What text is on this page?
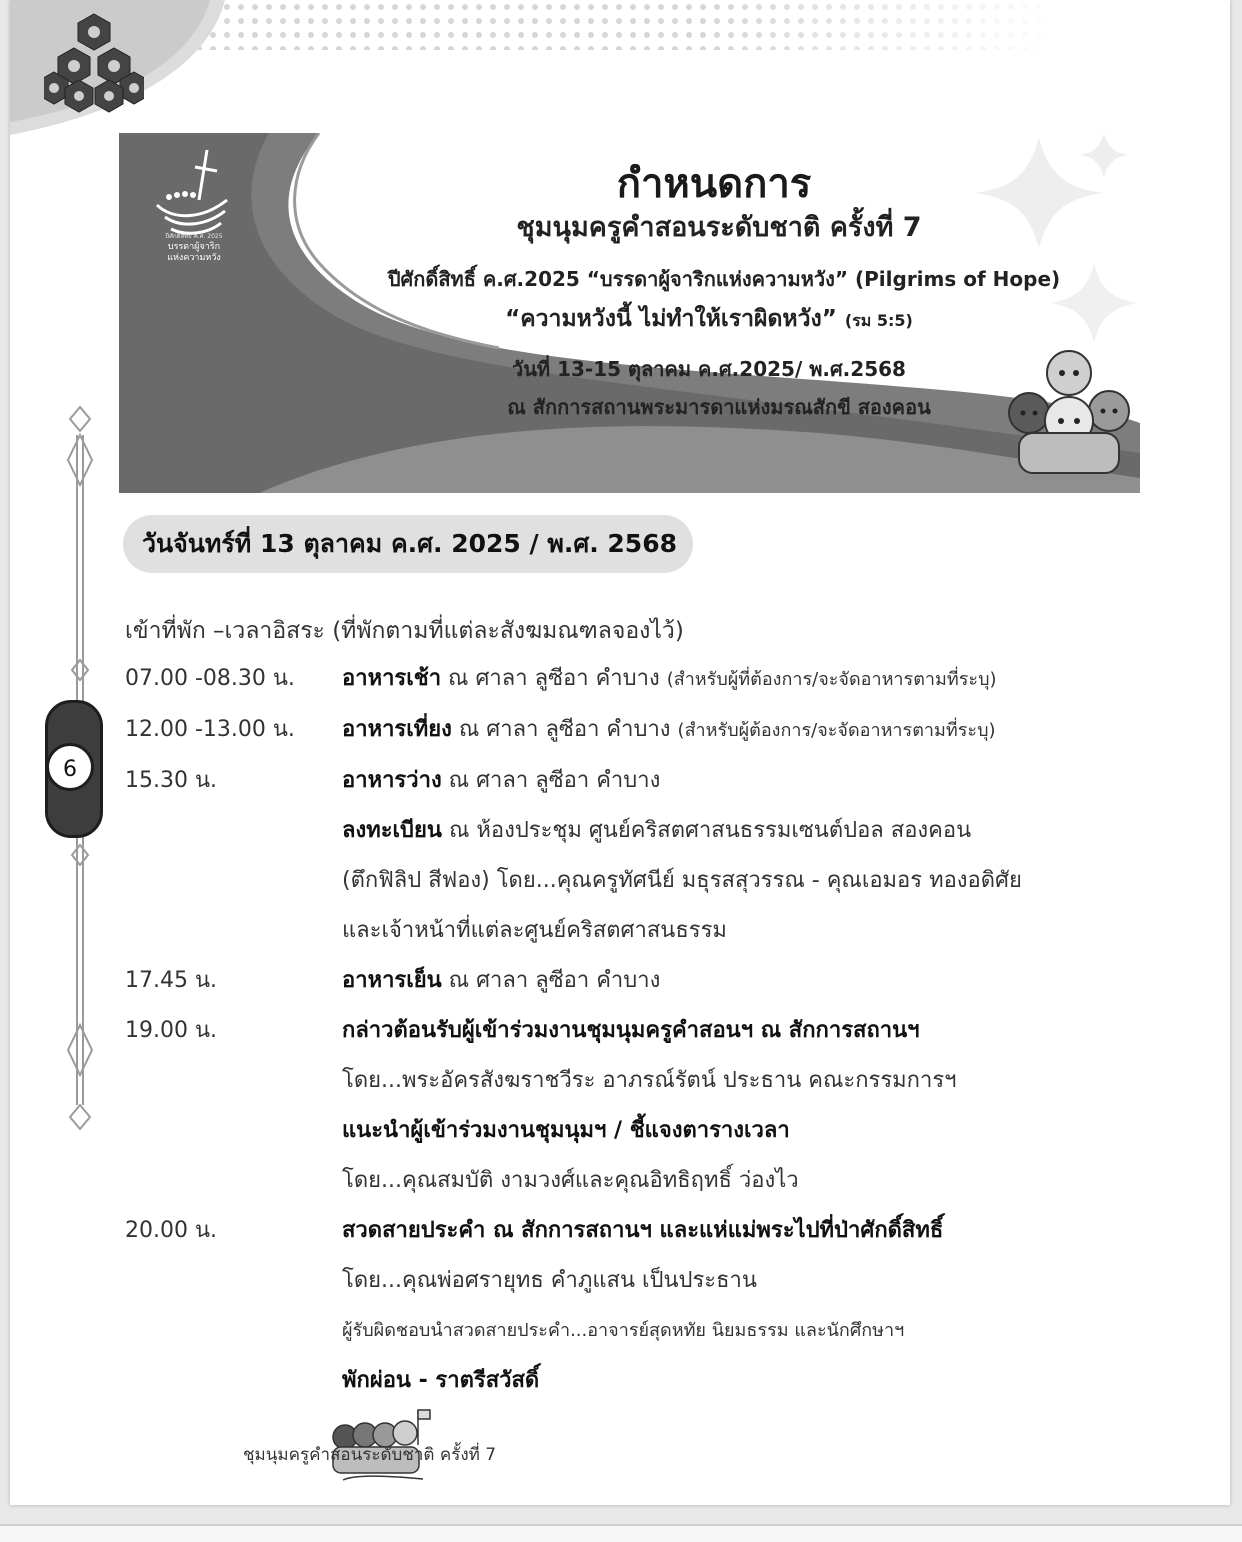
ปีศักดิ์สิทธิ์ ค.ศ. 2025
บรรดาผู้จาริก
แห่งความหวัง
กำหนดการ
ชุมนุมครูคำสอนระดับชาติ ครั้งที่ 7
ปีศักดิ์สิทธิ์ ค.ศ.2025 “บรรดาผู้จาริกแห่งความหวัง” (Pilgrims of Hope)
“ความหวังนี้ ไม่ทำให้เราผิดหวัง” (รม 5:5)
วันที่ 13-15 ตุลาคม ค.ศ.2025/ พ.ศ.2568
ณ สักการสถานพระมารดาแห่งมรณสักขี สองคอน
6
วันจันทร์ที่ 13 ตุลาคม ค.ศ. 2025 / พ.ศ. 2568
เข้าที่พัก –เวลาอิสระ (ที่พักตามที่แต่ละสังฆมณฑลจองไว้)
07.00 -08.30 น.	อาหารเช้า ณ ศาลา ลูซีอา คำบาง (สำหรับผู้ที่ต้องการ/จะจัดอาหารตามที่ระบุ)
12.00 -13.00 น.	อาหารเที่ยง ณ ศาลา ลูซีอา คำบาง (สำหรับผู้ต้องการ/จะจัดอาหารตามที่ระบุ)
15.30 น.	อาหารว่าง ณ ศาลา ลูซีอา คำบาง
ลงทะเบียน ณ ห้องประชุม ศูนย์คริสตศาสนธรรมเซนต์ปอล สองคอน
(ตึกฟิลิป สีฟอง) โดย...คุณครูทัศนีย์ มธุรสสุวรรณ - คุณเอมอร ทองอดิศัย
และเจ้าหน้าที่แต่ละศูนย์คริสตศาสนธรรม
17.45 น.	อาหารเย็น ณ ศาลา ลูซีอา คำบาง
19.00 น.	กล่าวต้อนรับผู้เข้าร่วมงานชุมนุมครูคำสอนฯ ณ สักการสถานฯ
โดย...พระอัครสังฆราชวีระ อาภรณ์รัตน์ ประธาน คณะกรรมการฯ
แนะนำผู้เข้าร่วมงานชุมนุมฯ / ชี้แจงตารางเวลา
โดย...คุณสมบัติ งามวงศ์และคุณอิทธิฤทธิ์ ว่องไว
20.00 น.	สวดสายประคำ ณ สักการสถานฯ และแห่แม่พระไปที่ป่าศักดิ์สิทธิ์
โดย...คุณพ่อศรายุทธ คำภูแสน เป็นประธาน
ผู้รับผิดชอบนำสวดสายประคำ...อาจารย์สุดหทัย นิยมธรรม และนักศึกษาฯ
พักผ่อน - ราตรีสวัสดิ์
ชุมนุมครูคำสอนระดับชาติ ครั้งที่ 7
